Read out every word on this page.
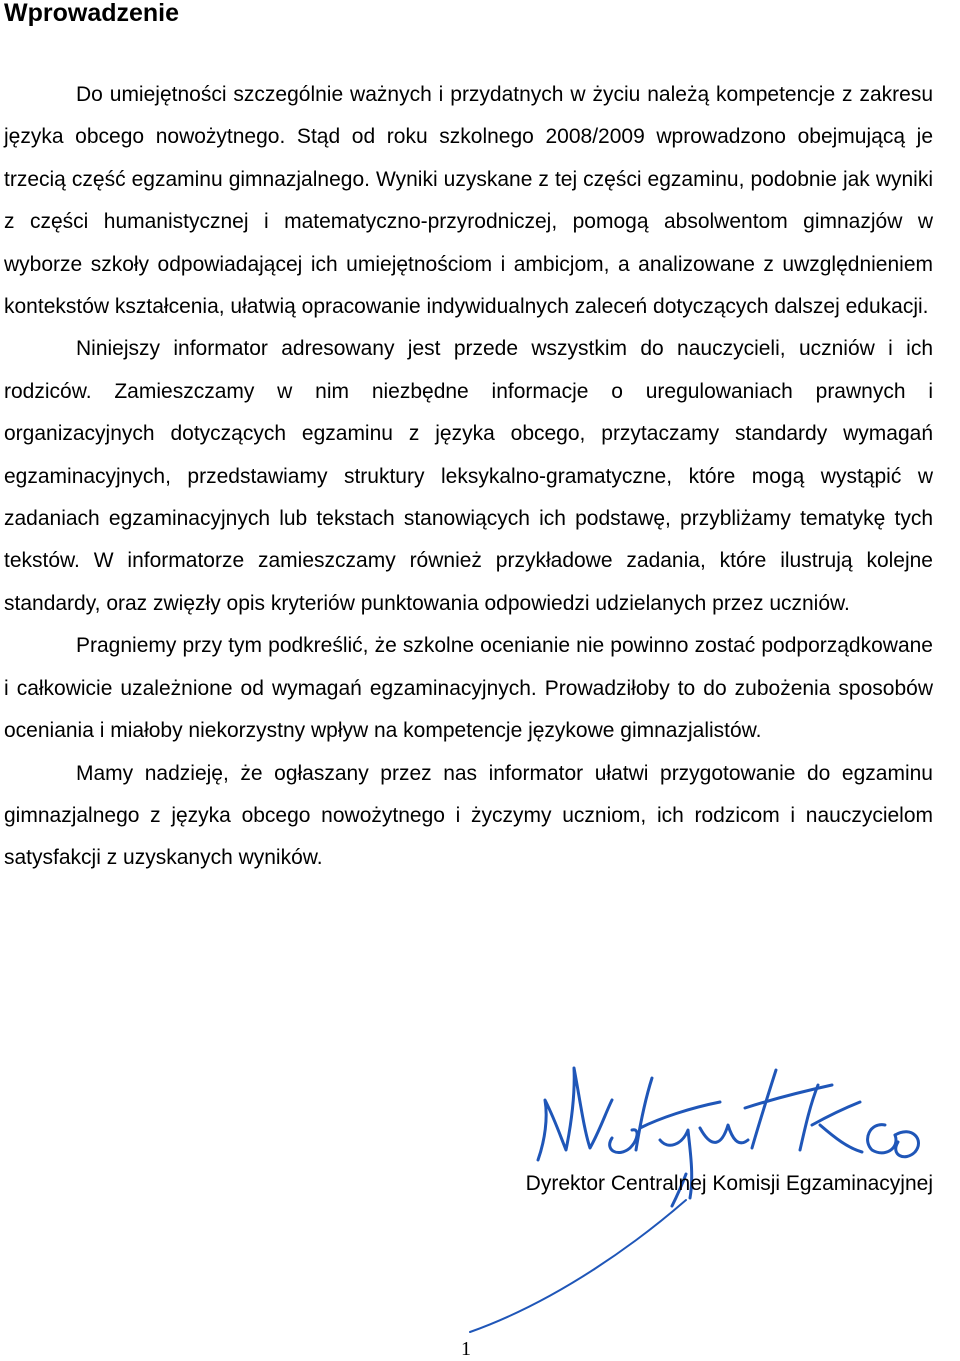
Wprowadzenie

Do umiejętności szczególnie ważnych i przydatnych w życiu należą kompetencje z zakresu języka obcego nowożytnego. Stąd od roku szkolnego 2008/2009 wprowadzono obejmującą je trzecią część egzaminu gimnazjalnego. Wyniki uzyskane z tej części egzaminu, podobnie jak wyniki z części humanistycznej i matematyczno-przyrodniczej, pomogą absolwentom gimnazjów w wyborze szkoły odpowiadającej ich umiejętnościom i ambicjom, a analizowane z uwzględnieniem kontekstów kształcenia, ułatwią opracowanie indywidualnych zaleceń dotyczących dalszej edukacji.

Niniejszy informator adresowany jest przede wszystkim do nauczycieli, uczniów i ich rodziców. Zamieszczamy w nim niezbędne informacje o uregulowaniach prawnych i organizacyjnych dotyczących egzaminu z języka obcego, przytaczamy standardy wymagań egzaminacyjnych, przedstawiamy struktury leksykalno-gramatyczne, które mogą wystąpić w zadaniach egzaminacyjnych lub tekstach stanowiących ich podstawę, przybliżamy tematykę tych tekstów. W informatorze zamieszczamy również przykładowe zadania, które ilustrują kolejne standardy, oraz zwięzły opis kryteriów punktowania odpowiedzi udzielanych przez uczniów.

Pragniemy przy tym podkreślić, że szkolne ocenianie nie powinno zostać podporządkowane i całkowicie uzależnione od wymagań egzaminacyjnych. Prowadziłoby to do zubożenia sposobów oceniania i miałoby niekorzystny wpływ na kompetencje językowe gimnazjalistów.

Mamy nadzieję, że ogłaszany przez nas informator ułatwi przygotowanie do egzaminu gimnazjalnego z języka obcego nowożytnego i życzymy uczniom, ich rodzicom i nauczycielom satysfakcji z uzyskanych wyników.

Dyrektor Centralnej Komisji Egzaminacyjnej
1
